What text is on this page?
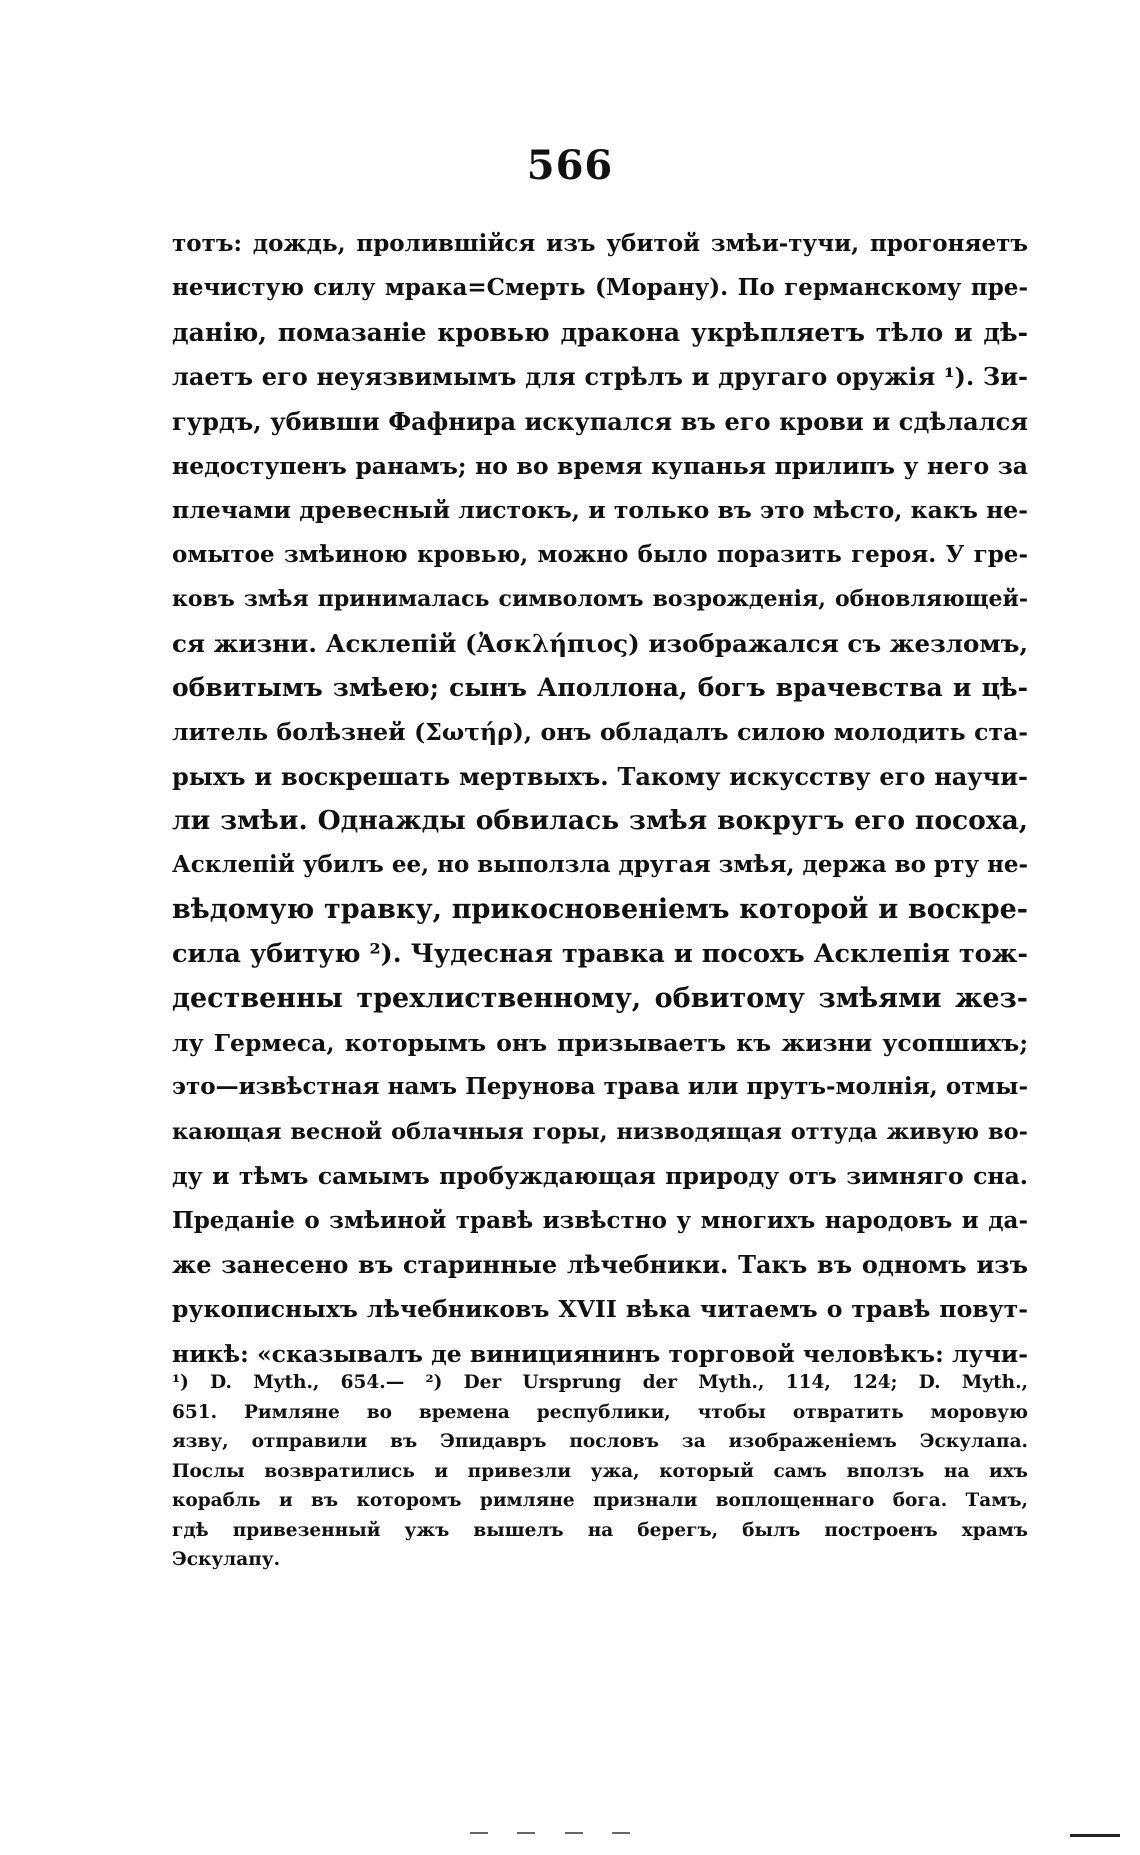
566
тотъ: дождь, пролившійся изъ убитой змѣи-тучи, прогоняетъ
нечистую силу мрака=Смерть (Морану). По германскому пре-
данію, помазаніе кровью дракона укрѣпляетъ тѣло и дѣ-
лаетъ его неуязвимымъ для стрѣлъ и другаго оружія ¹). Зи-
гурдъ, убивши Фафнира искупался въ его крови и сдѣлался
недоступенъ ранамъ; но во время купанья прилипъ у него за
плечами древесный листокъ, и только въ это мѣсто, какъ не-
омытое змѣиною кровью, можно было поразить героя. У гре-
ковъ змѣя принималась символомъ возрожденія, обновляющей-
ся жизни. Асклепій (Ἀσκλήπιος) изображался съ жезломъ,
обвитымъ змѣею; сынъ Аполлона, богъ врачевства и цѣ-
литель болѣзней (Σωτήρ), онъ обладалъ силою молодить ста-
рыхъ и воскрешать мертвыхъ. Такому искусству его научи-
ли змѣи. Однажды обвилась змѣя вокругъ его посоха,
Асклепій убилъ ее, но выползла другая змѣя, держа во рту не-
вѣдомую травку, прикосновеніемъ которой и воскре-
сила убитую ²). Чудесная травка и посохъ Асклепія тож-
дественны трехлиственному, обвитому змѣями жез-
лу Гермеса, которымъ онъ призываетъ къ жизни усопшихъ;
это—извѣстная намъ Перунова трава или прутъ-молнія, отмы-
кающая весной облачныя горы, низводящая оттуда живую во-
ду и тѣмъ самымъ пробуждающая природу отъ зимняго сна.
Преданіе о змѣиной травѣ извѣстно у многихъ народовъ и да-
же занесено въ старинные лѣчебники. Такъ въ одномъ изъ
рукописныхъ лѣчебниковъ XVII вѣка читаемъ о травѣ повут-
никѣ: «сказывалъ де винициянинъ торговой человѣкъ: лучи-
¹) D. Myth., 654.— ²) Der Ursprung der Myth., 114, 124; D. Myth.,
651. Римляне во времена республики, чтобы отвратить моровую
язву, отправили въ Эпидавръ пословъ за изображеніемъ Эскулапа.
Послы возвратились и привезли ужа, который самъ вползъ на ихъ
корабль и въ которомъ римляне признали воплощеннаго бога. Тамъ,
гдѣ привезенный ужъ вышелъ на берегъ, былъ построенъ храмъ
Эскулапу.
